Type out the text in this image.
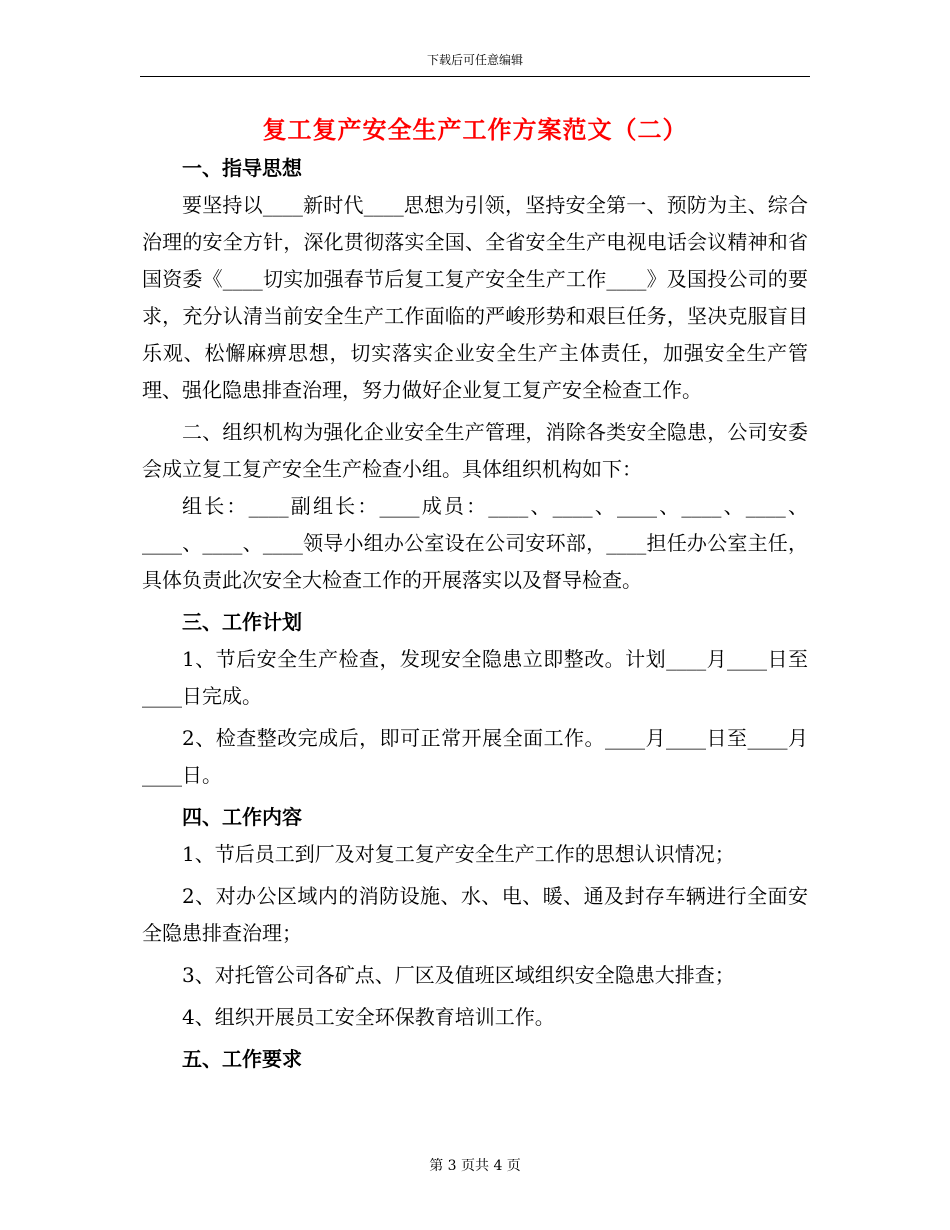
下载后可任意编辑
复工复产安全生产工作方案范文（二）

一、指导思想

要坚持以____新时代____思想为引领，坚持安全第一、预防为主、综合治理的安全方针，深化贯彻落实全国、全省安全生产电视电话会议精神和省国资委《____切实加强春节后复工复产安全生产工作____》及国投公司的要求，充分认清当前安全生产工作面临的严峻形势和艰巨任务，坚决克服盲目乐观、松懈麻痹思想，切实落实企业安全生产主体责任，加强安全生产管理、强化隐患排查治理，努力做好企业复工复产安全检查工作。

二、组织机构为强化企业安全生产管理，消除各类安全隐患，公司安委会成立复工复产安全生产检查小组。具体组织机构如下：

组长：____副组长：____成员：____、____、____、____、____、____、____、____领导小组办公室设在公司安环部，____担任办公室主任，具体负责此次安全大检查工作的开展落实以及督导检查。

三、工作计划

1、节后安全生产检查，发现安全隐患立即整改。计划____月____日至____日完成。

2、检查整改完成后，即可正常开展全面工作。____月____日至____月____日。

四、工作内容

1、节后员工到厂及对复工复产安全生产工作的思想认识情况；

2、对办公区域内的消防设施、水、电、暖、通及封存车辆进行全面安全隐患排查治理；

3、对托管公司各矿点、厂区及值班区域组织安全隐患大排查；

4、组织开展员工安全环保教育培训工作。

五、工作要求

第 3 页共 4 页
